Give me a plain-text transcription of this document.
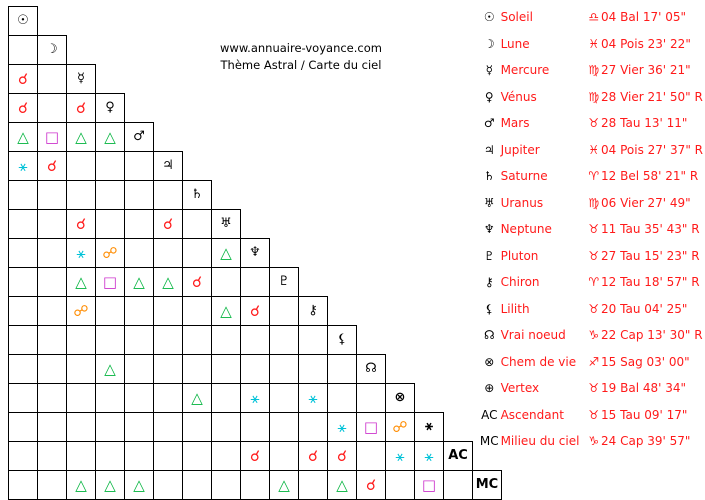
☉																

	☽															

☌		☿														

☌		☌	♀													

△	□	△	△	♂												

⚹	☌				♃											

						♄										

		☌			☌		♅									

		⚹	☍				△	♆								

		△	□	△	△	☌			♇							

		☍					△	☌		⚷						

											⚸					

			△									☊				

						△		⚹		⚹			⊗			

											⚹	□	☍	⚹		

								☌		☌	☌		⚹	⚹	AC	

		△	△	△					△		△	☌		□		MC
www.annuaire-voyance.com
Thème Astral / Carte du ciel
☉	Soleil	♎	04 Bal 17' 05"
☽	Lune	♓	04 Pois 23' 22"
☿	Mercure	♍	27 Vier 36' 21"
♀	Vénus	♍	28 Vier 21' 50" R
♂	Mars	♉	28 Tau 13' 11"
♃	Jupiter	♓	04 Pois 27' 37" R
♄	Saturne	♈	12 Bel 58' 21" R
♅	Uranus	♍	06 Vier 27' 49"
♆	Neptune	♉	11 Tau 35' 43" R
♇	Pluton	♉	27 Tau 15' 23" R
⚷	Chiron	♈	12 Tau 18' 57" R
⚸	Lilith	♉	20 Tau 04' 25"
☊	Vrai noeud	♑	22 Cap 13' 30" R
⊗	Chem de vie	♐	15 Sag 03' 00"
⊕	Vertex	♉	19 Bal 48' 34"
AC	Ascendant	♉	15 Tau 09' 17"
MC	Milieu du ciel	♑	24 Cap 39' 57"
